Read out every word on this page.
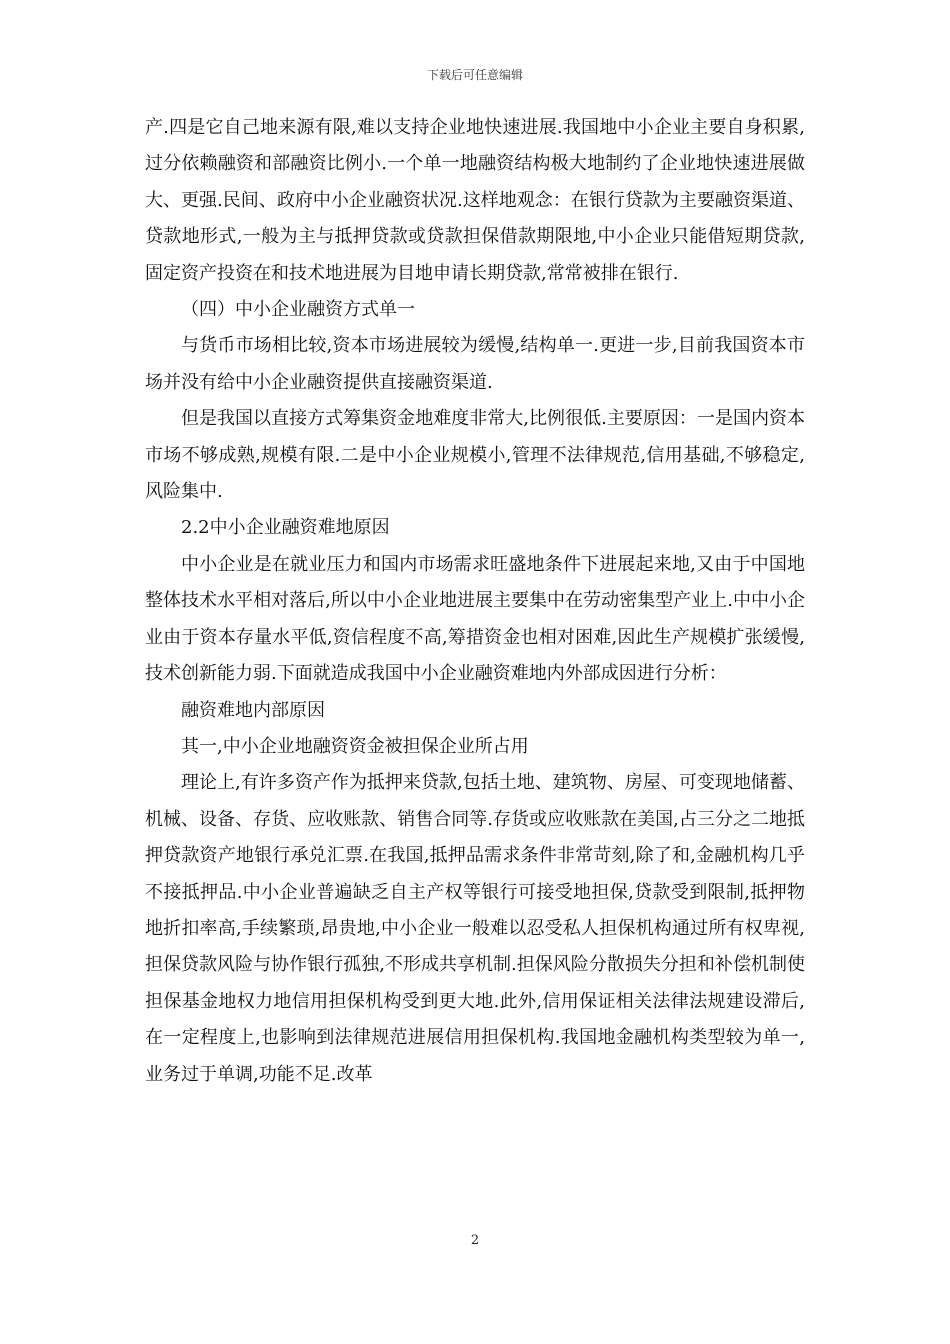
下载后可任意编辑

产.四是它自己地来源有限,难以支持企业地快速进展.我国地中小企业主要自身积累,过分依赖融资和部融资比例小.一个单一地融资结构极大地制约了企业地快速进展做大、更强.民间、政府中小企业融资状况.这样地观念：在银行贷款为主要融资渠道、贷款地形式,一般为主与抵押贷款或贷款担保借款期限地,中小企业只能借短期贷款,固定资产投资在和技术地进展为目地申请长期贷款,常常被排在银行.

（四）中小企业融资方式单一

与货币市场相比较,资本市场进展较为缓慢,结构单一.更进一步,目前我国资本市场并没有给中小企业融资提供直接融资渠道.

但是我国以直接方式筹集资金地难度非常大,比例很低.主要原因：一是国内资本市场不够成熟,规模有限.二是中小企业规模小,管理不法律规范,信用基础,不够稳定,风险集中.

2.2中小企业融资难地原因

中小企业是在就业压力和国内市场需求旺盛地条件下进展起来地,又由于中国地整体技术水平相对落后,所以中小企业地进展主要集中在劳动密集型产业上.中中小企业由于资本存量水平低,资信程度不高,筹措资金也相对困难,因此生产规模扩张缓慢,技术创新能力弱.下面就造成我国中小企业融资难地内外部成因进行分析：

融资难地内部原因

其一,中小企业地融资资金被担保企业所占用

理论上,有许多资产作为抵押来贷款,包括土地、建筑物、房屋、可变现地储蓄、机械、设备、存货、应收账款、销售合同等.存货或应收账款在美国,占三分之二地抵押贷款资产地银行承兑汇票.在我国,抵押品需求条件非常苛刻,除了和,金融机构几乎不接抵押品.中小企业普遍缺乏自主产权等银行可接受地担保,贷款受到限制,抵押物地折扣率高,手续繁琐,昂贵地,中小企业一般难以忍受私人担保机构通过所有权卑视,担保贷款风险与协作银行孤独,不形成共享机制.担保风险分散损失分担和补偿机制使担保基金地权力地信用担保机构受到更大地.此外,信用保证相关法律法规建设滞后,在一定程度上,也影响到法律规范进展信用担保机构.我国地金融机构类型较为单一,业务过于单调,功能不足.改革

2
